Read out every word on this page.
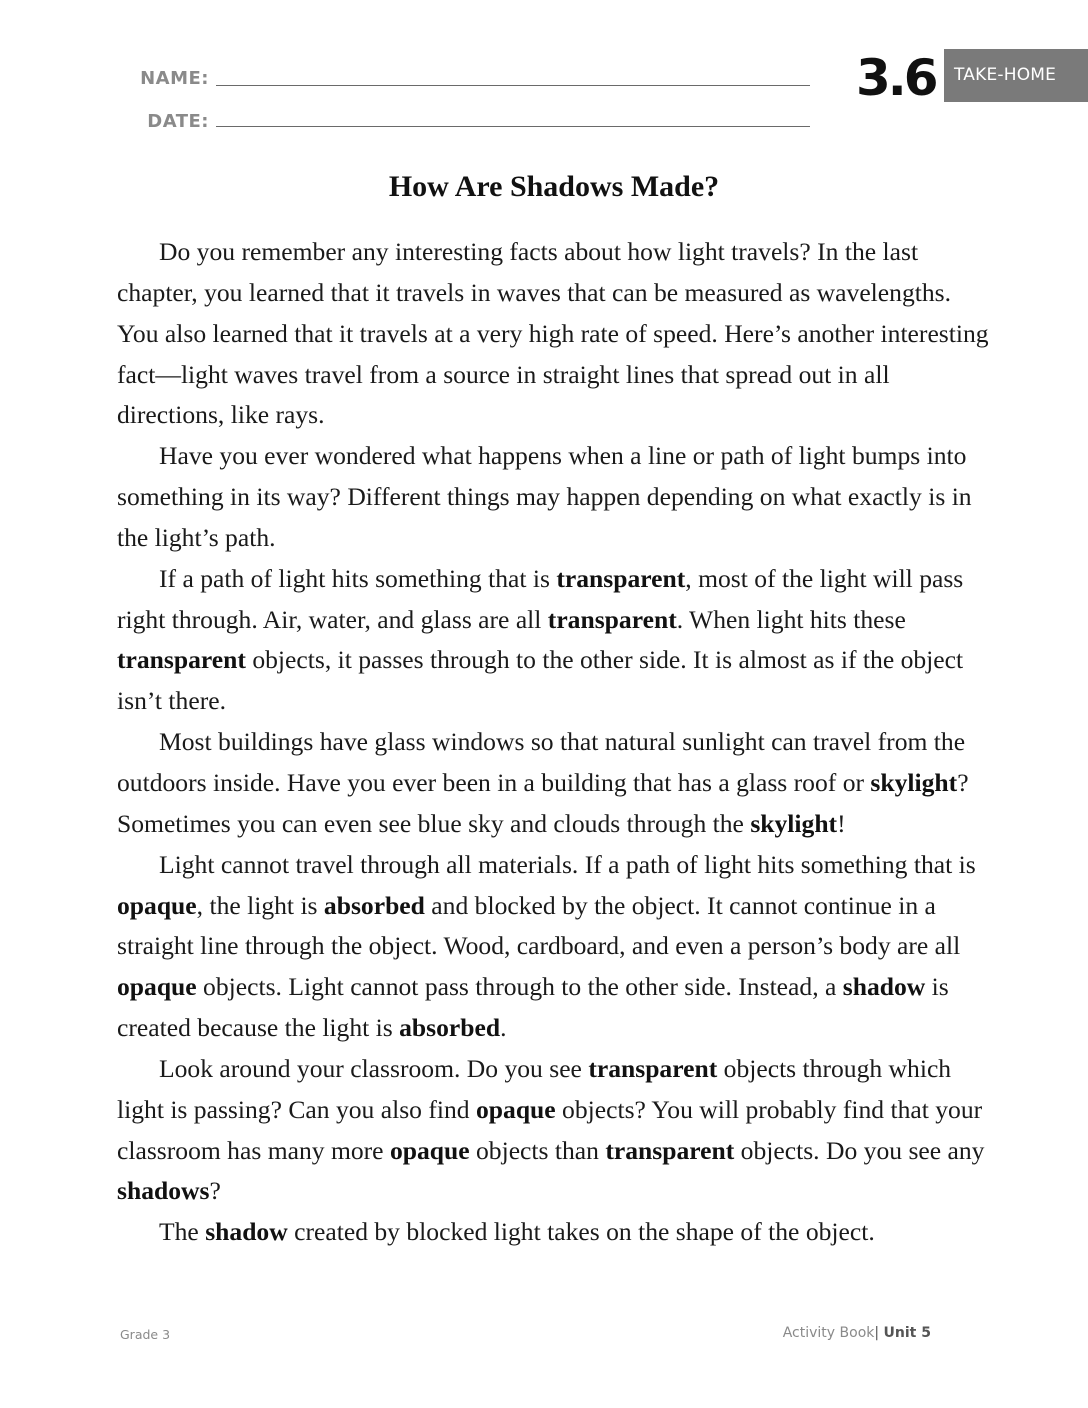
NAME:
DATE:
3.6 TAKE-HOME
How Are Shadows Made?

Do you remember any interesting facts about how light travels? In the last chapter, you learned that it travels in waves that can be measured as wavelengths. You also learned that it travels at a very high rate of speed. Here’s another interesting fact—light waves travel from a source in straight lines that spread out in all directions, like rays.

Have you ever wondered what happens when a line or path of light bumps into something in its way? Different things may happen depending on what exactly is in the light’s path.

If a path of light hits something that is transparent, most of the light will pass right through. Air, water, and glass are all transparent. When light hits these transparent objects, it passes through to the other side. It is almost as if the object isn’t there.

Most buildings have glass windows so that natural sunlight can travel from the outdoors inside. Have you ever been in a building that has a glass roof or skylight? Sometimes you can even see blue sky and clouds through the skylight!

Light cannot travel through all materials. If a path of light hits something that is opaque, the light is absorbed and blocked by the object. It cannot continue in a straight line through the object. Wood, cardboard, and even a person’s body are all opaque objects. Light cannot pass through to the other side. Instead, a shadow is created because the light is absorbed.

Look around your classroom. Do you see transparent objects through which light is passing? Can you also find opaque objects? You will probably find that your classroom has many more opaque objects than transparent objects. Do you see any shadows?

The shadow created by blocked light takes on the shape of the object.

Grade 3	Activity Book| Unit 5
